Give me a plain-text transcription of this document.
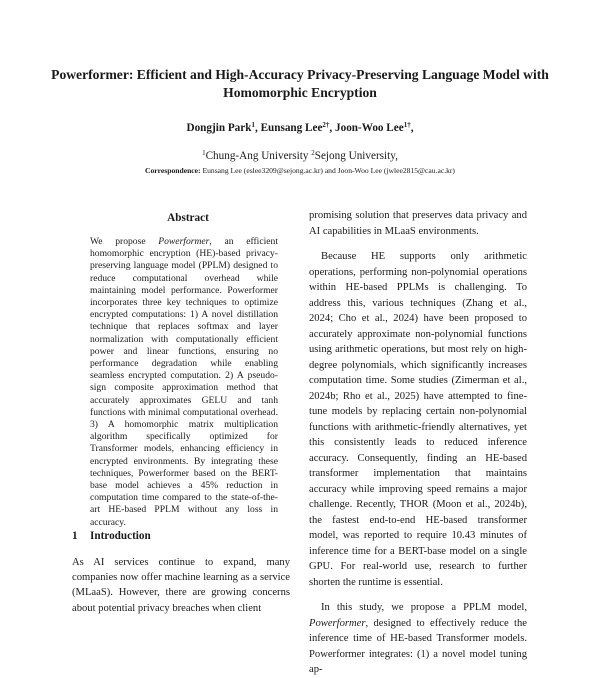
Powerformer: Efficient and High-Accuracy Privacy-Preserving Language Model with Homomorphic Encryption
Dongjin Park$^1$, Eunsang Lee$^{2\dagger}$, Joon-Woo Lee$^{1\dagger}$,
$^1$Chung-Ang University $^2$Sejong University,
Correspondence: Eunsang Lee (eslee3209@sejong.ac.kr) and Joon-Woo Lee (jwlee2815@cau.ac.kr)
Abstract

We propose Powerformer, an efficient homomorphic encryption (HE)-based privacy-preserving language model (PPLM) designed to reduce computational overhead while maintaining model performance. Powerformer incorporates three key techniques to optimize encrypted computations: 1) A novel distillation technique that replaces softmax and layer normalization with computationally efficient power and linear functions, ensuring no performance degradation while enabling seamless encrypted computation. 2) A pseudo-sign composite approximation method that accurately approximates GELU and tanh functions with minimal computational overhead. 3) A homomorphic matrix multiplication algorithm specifically optimized for Transformer models, enhancing efficiency in encrypted environments. By integrating these techniques, Powerformer based on the BERT-base model achieves a 45% reduction in computation time compared to the state-of-the-art HE-based PPLM without any loss in accuracy.

1 Introduction

As AI services continue to expand, many companies now offer machine learning as a service (MLaaS). However, there are growing concerns about potential privacy breaches when client

promising solution that preserves data privacy and AI capabilities in MLaaS environments.

Because HE supports only arithmetic operations, performing non-polynomial operations within HE-based PPLMs is challenging. To address this, various techniques (Zhang et al., 2024; Cho et al., 2024) have been proposed to accurately approximate non-polynomial functions using arithmetic operations, but most rely on high-degree polynomials, which significantly increases computation time. Some studies (Zimerman et al., 2024b; Rho et al., 2025) have attempted to fine-tune models by replacing certain non-polynomial functions with arithmetic-friendly alternatives, yet this consistently leads to reduced inference accuracy. Consequently, finding an HE-based transformer implementation that maintains accuracy while improving speed remains a major challenge. Recently, THOR (Moon et al., 2024b), the fastest end-to-end HE-based transformer model, was reported to require 10.43 minutes of inference time for a BERT-base model on a single GPU. For real-world use, research to further shorten the runtime is essential.

In this study, we propose a PPLM model, Powerformer, designed to effectively reduce the inference time of HE-based Transformer models. Powerformer integrates: (1) a novel model tuning ap-
